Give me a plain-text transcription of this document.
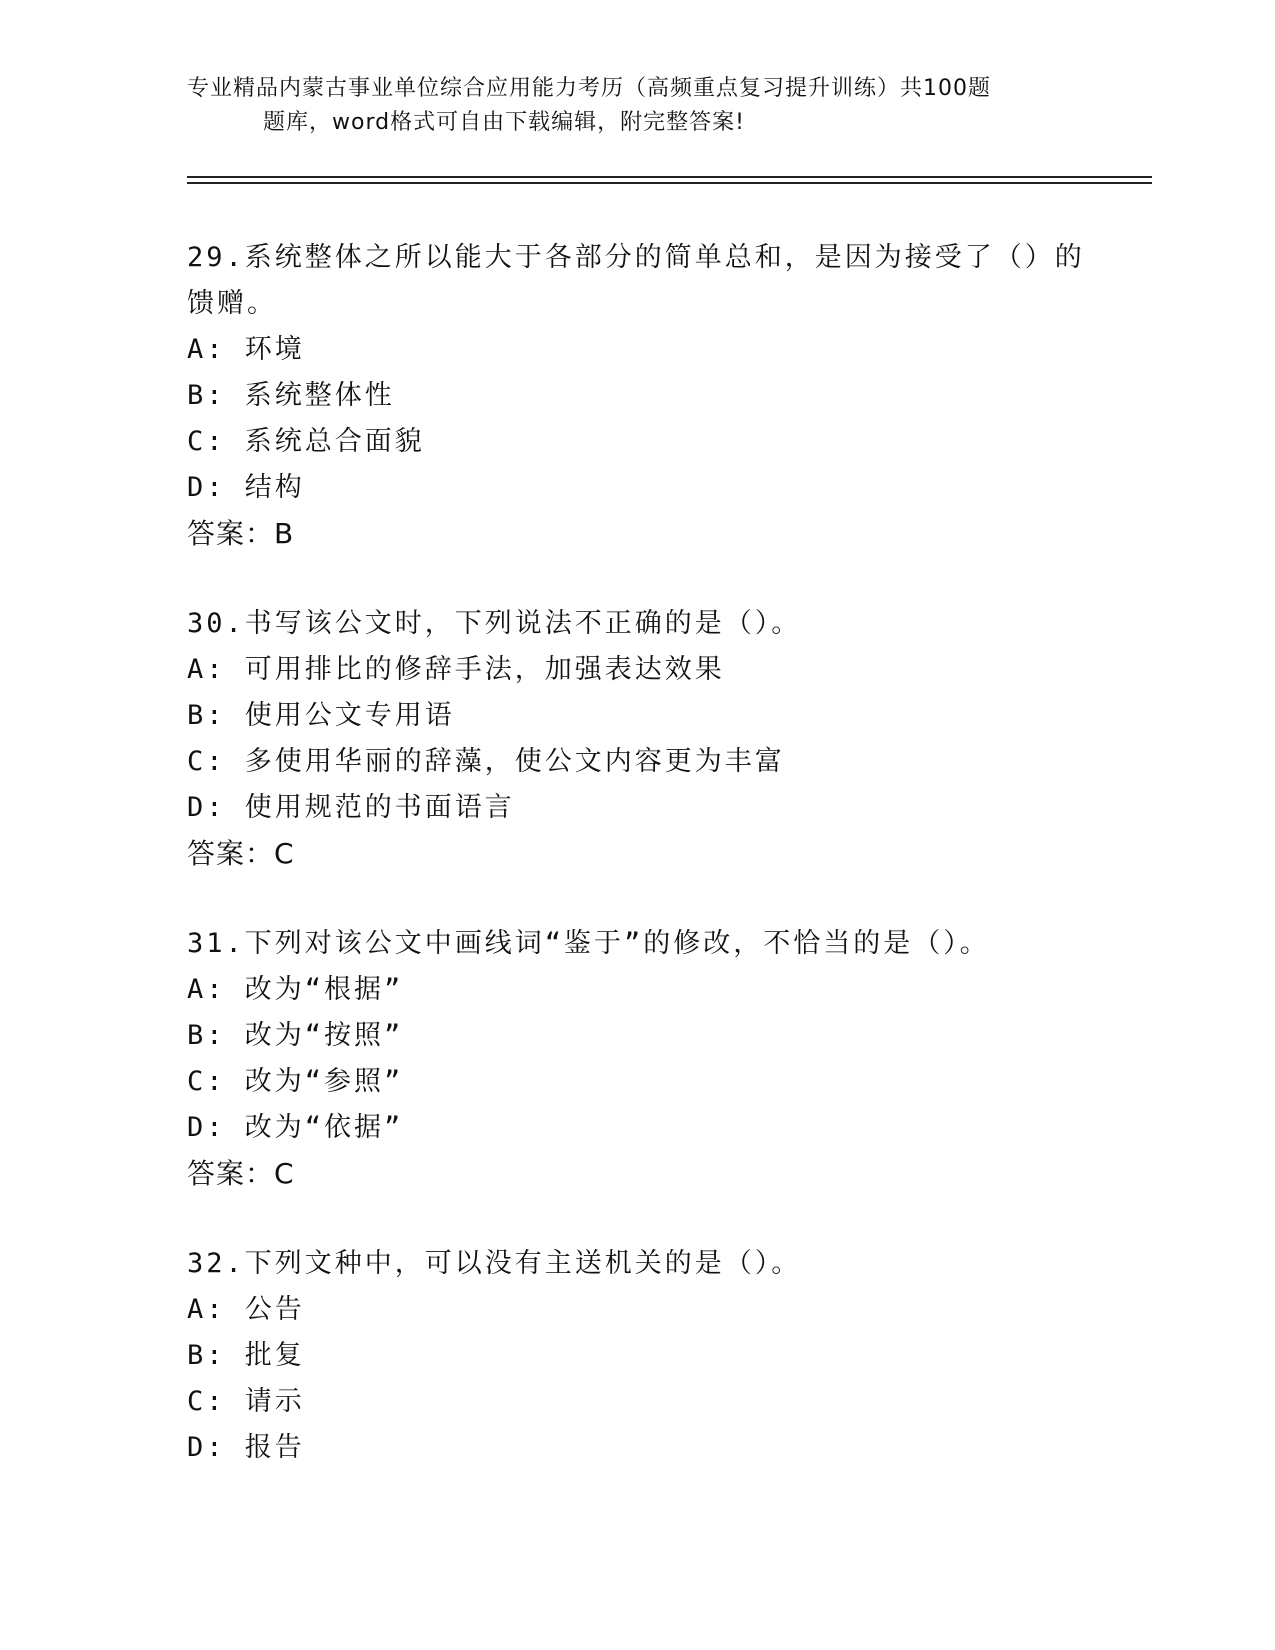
专业精品内蒙古事业单位综合应用能力考历（高频重点复习提升训练）共100题
题库，word格式可自由下载编辑，附完整答案!
29.系统整体之所以能大于各部分的简单总和，是因为接受了（）的馈赠。
A: 环境
B: 系统整体性
C: 系统总合面貌
D: 结构
答案：B
30.书写该公文时，下列说法不正确的是（）。
A: 可用排比的修辞手法，加强表达效果
B: 使用公文专用语
C: 多使用华丽的辞藻，使公文内容更为丰富
D: 使用规范的书面语言
答案：C
31.下列对该公文中画线词“鉴于”的修改，不恰当的是（）。
A: 改为“根据”
B: 改为“按照”
C: 改为“参照”
D: 改为“依据”
答案：C
32.下列文种中，可以没有主送机关的是（）。
A: 公告
B: 批复
C: 请示
D: 报告
